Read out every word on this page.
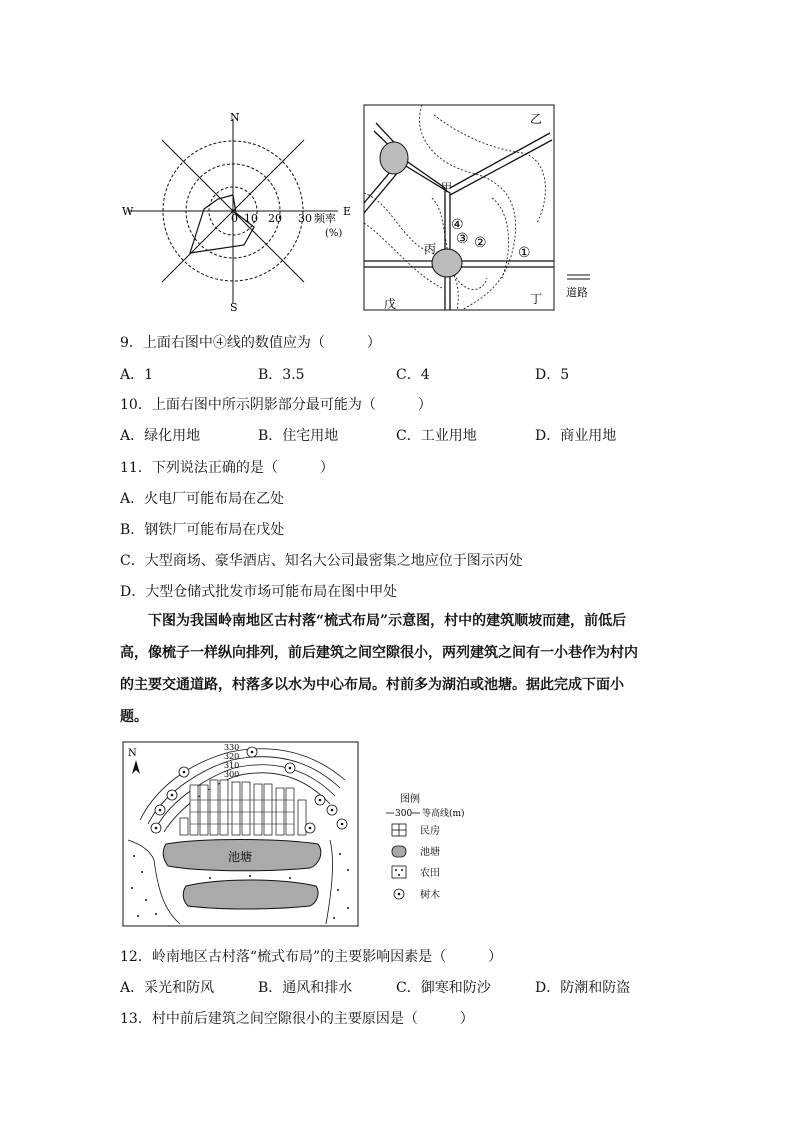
N
S
W	E
0 10 20 30 频率
(%)
乙
甲
丙
丁
戊
①
②
③
④
道路
9．上面右图中④线的数值应为（　　　）
A．1	B．3.5	C．4	D．5
10．上面右图中所示阴影部分最可能为（　　　）
A．绿化用地	B．住宅用地	C．工业用地	D．商业用地
11．下列说法正确的是（　　　）
A．火电厂可能布局在乙处
B．钢铁厂可能布局在戊处
C．大型商场、豪华酒店、知名大公司最密集之地应位于图示丙处
D．大型仓储式批发市场可能布局在图中甲处

下图为我国岭南地区古村落“梳式布局”示意图，村中的建筑顺坡而建，前低后

高，像梳子一样纵向排列，前后建筑之间空隙很小，两列建筑之间有一小巷作为村内

的主要交通道路，村落多以水为中心布局。村前多为湖泊或池塘。据此完成下面小

题。

N
330
320
310
300
池塘
图例
300 等高线(m)
民房
池塘
农田
树木
12．岭南地区古村落“梳式布局”的主要影响因素是（　　　）
A．采光和防风	B．通风和排水	C．御寒和防沙	D．防潮和防盗
13．村中前后建筑之间空隙很小的主要原因是（　　　）
